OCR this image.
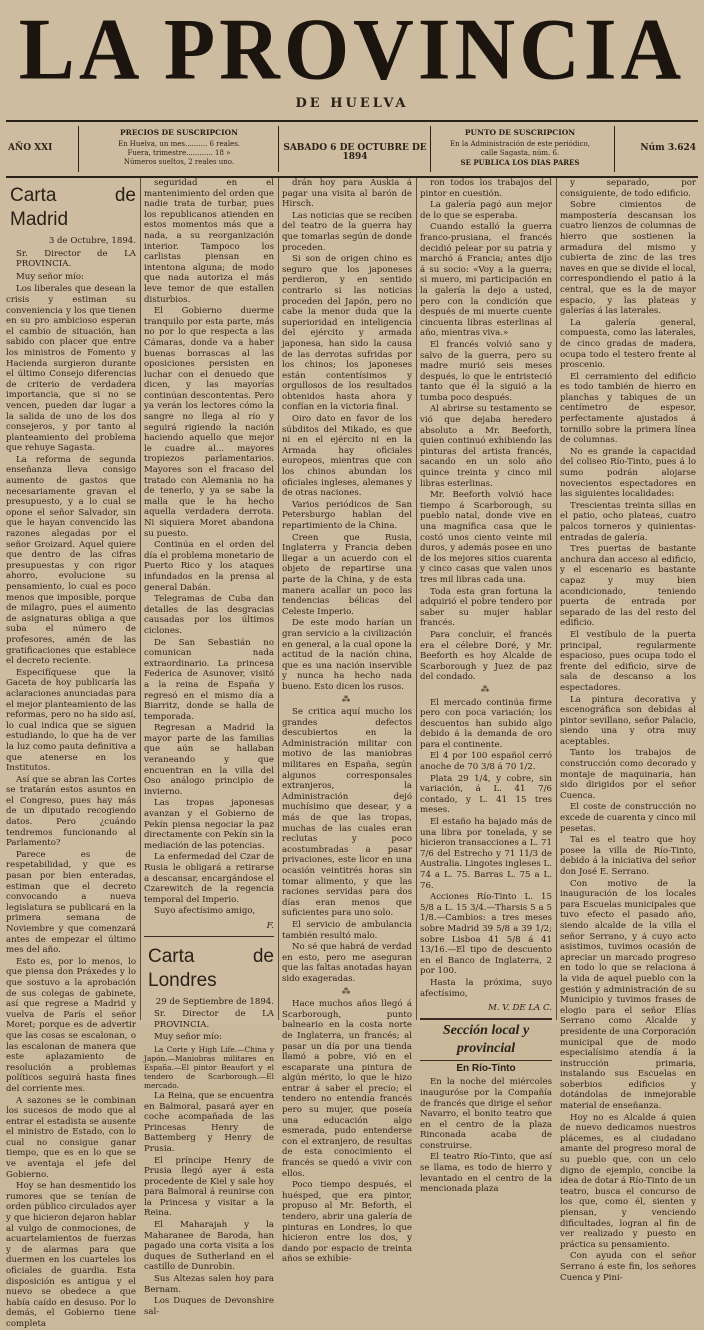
LA PROVINCIA
DE HUELVA
AÑO XXI
PRECIOS DE SUSCRIPCION
En Huelva, un mes.......... 6 reales.
Fuera, trimestre............ 18 »
Números sueltos, 2 reales uno.
SABADO 6 DE OCTUBRE DE 1894
PUNTO DE SUSCRIPCION
En la Administración de este periódico,
calle Sagasta, núm. 6.
SE PUBLICA LOS DIAS PARES
Núm 3.624
Carta de Madrid
3 de Octubre, 1894.
Sr. Director de LA PROVINCIA.
Muy señor mío:

Los liberales que desean la crisis y estiman su conveniencia y los que tienen en su pro ambicioso esperan el cambio de situación, han sabido con placer que entre los ministros de Fomento y Hacienda surgieron durante el último Consejo diferencias de criterio de verdadera importancia, que si no se vencen, pueden dar lugar a la salida de uno de los dos consejeros, y por tanto al planteamiento del problema que rehuye Sagasta.

La reforma de segunda enseñanza lleva consigo aumento de gastos que necesariamente gravan el presupuesto, y a lo cual se opone el señor Salvador, sin que le hayan convencido las razones alegadas por el señor Groizard. Aquel quiere que dentro de las cifras presupuestas y con rigor ahorro, evolucione su pensamiento, lo cual es poco menos que imposible, porque de milagro, pues el aumento de asignaturas obliga a que suba el número de profesores, amén de las gratificaciones que establece el decreto reciente.

Especifíquese que la Gaceta de hoy publicaría las aclaraciones anunciadas para el mejor planteamiento de las reformas, pero no ha sido así, lo cual indica que se siguen estudiando, lo que ha de ver la luz como pauta definitiva a que atenerse en los Institutos.

Así que se abran las Cortes se tratarán estos asuntos en el Congreso, pues hay más de un diputado recogiendo datos. Pero ¿cuándo tendremos funcionando al Parlamento?

Parece es de respetabilidad, y que es pasan por bien enteradas, estiman que el decreto convocando a nueva legislatura se publicará en la primera semana de Noviembre y que comenzará antes de empezar el último mes del año.

Esto es, por lo menos, lo que piensa don Práxedes y lo que sostuvo a la aprobación de sus colegas de gabinete, así que regrese a Madrid y vuelva de París el señor Moret; porque es de advertir que las cosas se escalonan, o las escalonan de manera que este aplazamiento de resolución a problemas políticos seguirá hasta fines del corriente mes.

A sazones se le combinan los sucesos de modo que al entrar el estadista se ausente el ministro de Estado, con lo cual no consigue ganar tiempo, que es en lo que se ve aventaja el jefe del Gobierno.

Hoy se han desmentido los rumores que se tenían de orden público circulados ayer y que hicieron dejaron hablar al vulgo de conmociones, de acuartelamientos de fuerzas y de alarmas para que duermen en los cuarteles los oficiales de guardia. Esta disposición es antigua y el nuevo se obedece a que había caído en desuso. Por lo demás, el Gobierno tiene completa

seguridad en el mantenimiento del orden que nadie trata de turbar, pues los republicanos atienden en estos momentos más que a nada, a su reorganización interior. Tampoco los carlistas piensan en intentona alguna; de modo que nada autoriza el más leve temor de que estallen disturbios.

El Gobierno duerme tranquilo por esta parte, más no por lo que respecta a las Cámaras, donde va a haber buenas borrascas al las oposiciones persisten en luchar con el denuedo que dicen, y las mayorías continúan descontentas. Pero ya verán los lectores cómo la sangre no llega al río y seguirá rigiendo la nación haciendo aquello que mejor le cuadre al... mayores tropiezos parlamentarios. Mayores son el fracaso del tratado con Alemania no ha de tenerlo, y ya se sabe la malla que le ha hecho aquella verdadera derrota. Ni siquiera Moret abandona su puesto.

Continúa en el orden del día el problema monetario de Puerto Rico y los ataques infundados en la prensa al general Dabán.

Telegramas de Cuba dan detalles de las desgracias causadas por los últimos ciclones.

De San Sebastián no comunican nada extraordinario. La princesa Federica de Asunover, visitó a la reina de España y regresó en el mismo día a Biarritz, donde se halla de temporada.

Regresan a Madrid la mayor parte de las familias que aún se hallaban veraneando y que encuentran en la villa del Oso análogo principio de invierno.

Las tropas japonesas avanzan y el Gobierno de Pekín piensa negociar la paz directamente con Pekín sin la mediación de las potencias.

La enfermedad del Czar de Rusia le obligará a retirarse a descansar, encargándose el Czarewitch de la regencia temporal del Imperio.

Suyo afectísimo amigo,

F.
Carta de Londres
29 de Septiembre de 1894.
Sr. Director de LA PROVINCIA.
Muy señor mío:

La Corte y High Life.—China y Japón.—Maniobras militares en España.—El pintor Beaufort y el tendero de Scarborough.—El mercado.

La Reina, que se encuentra en Balmoral, pasará ayer en coche acompañada de las Princesas Henry de Battemberg y Henry de Prusia.

El príncipe Henry de Prusia llegó ayer á esta procedente de Kiel y sale hoy para Balmoral á reunirse con la Princesa y visitar a la Reina.

El Maharajah y la Maharanee de Baroda, han pagado una corta visita a los duques de Sutherland en el castillo de Dunrobin.

Sus Altezas salen hoy para Bernam.

Los Duques de Devonshire sal-

drán hoy para Auskia á pagar una visita al barón de Hirsch.

Las noticias que se reciben del teatro de la guerra hay que tomarlas según de donde proceden.

Si son de origen chino es seguro que los japoneses perdieron, y en sentido contrario si las noticias proceden del Japón, pero no cabe la menor duda que la superioridad en inteligencia del ejército y armada japonesa, han sido la causa de las derrotas sufridas por los chinos; los japoneses están contentísimos y orgullosos de los resultados obtenidos hasta ahora y confían en la victoria final.

Oiro dato en favor de los súbditos del Mikado, es que ni en el ejército ni en la Armada hay oficiales europeos, mientras que con los chinos abundan los oficiales ingleses, alemanes y de otras naciones.

Varios periódicos de San Petersburgo hablan del repartimiento de la China.

Creen que Rusia, Inglaterra y Francia deben llegar a un acuerdo con el objeto de repartirse una parte de la China, y de esta manera acallar un poco las tendencias bélicas del Celeste Imperio.

De este modo harían un gran servicio a la civilización en general, a la cual opone la actitud de la nación china, que es una nación inservible y nunca ha hecho nada bueno. Esto dicen los rusos.

⁂

Se critica aquí mucho los grandes defectos descubiertos en la Administración militar con motivo de las maniobras militares en España, según algunos corresponsales extranjeros, la Administración dejó muchísimo que desear, y a más de que las tropas, muchas de las cuales eran reclutas y poco acostumbradas a pasar privaciones, este licor en una ocasión veintitrés horas sin tomar alimento, y que las raciones servidas para dos días eran menos que suficientes para uno solo.

El servicio de ambulancia también resultó malo.

No sé que habrá de verdad en esto, pero me aseguran que las faltas anotadas hayan sido exageradas.

⁂

Hace muchos años llegó á Scarborough, punto balneario en la costa norte de Inglaterra, un francés; al pasar un día por una tienda llamó a pobre, vió en el escaparate una pintura de algún mérito, lo que le hizo entrar á saber el precio; el tendero no entendía francés pero su mujer, que poseía una educación algo esmerada, pudo entenderse con el extranjero, de resultas de esta conocimiento el francés se quedó a vivir con ellos.

Poco tiempo después, el huésped, que era pintor, propuso al Mr. Beforth, el tendero, abrir una galería de pinturas en Londres, lo que hicieron entre los dos, y dando por espacio de treinta años se exhibie-

ron todos los trabajos del pintor en cuestión.

La galería pagó aun mejor de lo que se esperaba.

Cuando estalló la guerra franco-prusiana, el francés decidió pelear por su patria y marchó á Francia; antes dijo á su socio: «Voy a la guerra; si muero, mi participación en la galería la dejo a usted, pero con la condición que después de mi muerte cuente cincuenta libras esterlinas al año, mientras viva.»

El francés volvió sano y salvo de la guerra, pero su madre murió seis meses después, lo que le entristeció tanto que él la siguió a la tumba poco después.

Al abrirse su testamento se vió que dejaba heredero absoluto a Mr. Beeforth, quien continuó exhibiendo las pinturas del artista francés, sacando en un solo año quince treinta y cinco mil libras esterlinas.

Mr. Beeforth volvió hace tiempo á Scarborough, su pueblo natal, donde vive en una magnífica casa que le costó unos ciento veinte mil duros, y además posee en uno de los mejores sitios cuarenta y cinco casas que valen unos tres mil libras cada una.

Toda esta gran fortuna la adquirió el pobre tendero por saber su mujer hablar francés.

Para concluir, el francés era el célebre Doré, y Mr. Beeforth es hoy Alcalde de Scarborough y Juez de paz del condado.

⁂

El mercado continúa firme pero con poca variación; los descuentos han subido algo debido á la demanda de oro para el continente.

El 4 por 100 español cerró anoche de 70 3/8 á 70 1/2.

Plata 29 1/4, y cobre, sin variación, á L. 41 7/6 contado, y L. 41 15 tres meses.

El estaño ha bajado más de una libra por tonelada, y se hicieron transacciones a L. 71 7/6 del Estrecho y 71 11/3 de Australia. Lingotes ingleses L. 74 a L. 75. Barras L. 75 a L. 76.

Acciones Río-Tinto L. 15 5/8 a L. 15 3/4.—Tharsis 5 a 5 1/8.—Cambios: a tres meses sobre Madrid 39 5/8 a 39 1/2; sobre Lisboa 41 5/8 á 41 13/16.—El tipo de descuento en el Banco de Inglaterra, 2 por 100.

Hasta la próxima, suyo afectísimo,

M. V. DE LA C.
Sección local y provincial
En Río-Tinto

En la noche del miércoles inauguróse por la Compañía de francés que dirige el señor Navarro, el bonito teatro que en el centro de la plaza Rinconada acaba de construirse.

El teatro Río-Tinto, que así se llama, es todo de hierro y levantado en el centro de la mencionada plaza

y separado, por consiguiente, de todo edificio.

Sobre cimientos de mampostería descansan los cuatro lienzos de columnas de hierro que sostienen la armadura del mismo y cubierta de zinc de las tres naves en que se divide el local, correspondiendo el patio á la central, que es la de mayor espacio, y las plateas y galerías á las laterales.

La galería general, compuesta, como las laterales, de cinco gradas de madera, ocupa todo el testero frente al proscenio.

El cerramiento del edificio es todo también de hierro en planchas y tabiques de un centímetro de espesor, perfectamente ajustados á tornillo sobre la primera línea de columnas.

No es grande la capacidad del coliseo Río-Tinto, pues á lo sumo podrán alojarse novecientos espectadores en las siguientes localidades:

Trescientas treinta sillas en el patio, ocho plateas, cuatro palcos torneros y quinientas-entradas de galería.

Tres puertas de bastante anchura dan acceso al edificio, y el escenario es bastante capaz y muy bien acondicionado, teniendo puerta de entrada por separado de las del resto del edificio.

El vestíbulo de la puerta principal, regularmente espacioso, pues ocupa todo el frente del edificio, sirve de sala de descanso a los espectadores.

La pintura decorativa y escenográfica son debidas al pintor sevillano, señor Palacio, siendo una y otra muy aceptables.

Tanto los trabajos de construcción como decorado y montaje de maquinaria, han sido dirigidos por el señor Cuenca.

El coste de construcción no excede de cuarenta y cinco mil pesetas.

Tal es el teatro que hoy posee la villa de Río-Tinto, debido á la iniciativa del señor don José E. Serrano.

Con motivo de la inauguración de los locales para Escuelas municipales que tuvo efecto el pasado año, siendo alcalde de la villa el señor Serrano, y á cuyo acto asistimos, tuvimos ocasión de apreciar un marcado progreso en todo lo que se relaciona á la vida de aquel pueblo con la gestión y administración de su Municipio y tuvimos frases de elogio para el señor Elías Serrano como Alcalde y presidente de una Corporación municipal que de modo especialísimo atendía á la instrucción primaria, instalando sus Escuelas en soberbios edificios y dotándolas de inmejorable material de enseñanza.

Hoy no es Alcalde á quien de nuevo dedicamos nuestros plácemes, es al ciudadano amante del progreso moral de su pueblo que, con un celo digno de ejemplo, concibe la idea de dotar á Río-Tinto de un teatro, busca el concurso de los que, como él, sienten y piensan, y venciendo dificultades, logran al fin de ver realizado y puesto en práctica su pensamiento.

Con ayuda con el señor Serrano á este fin, los señores Cuenca y Pini-
